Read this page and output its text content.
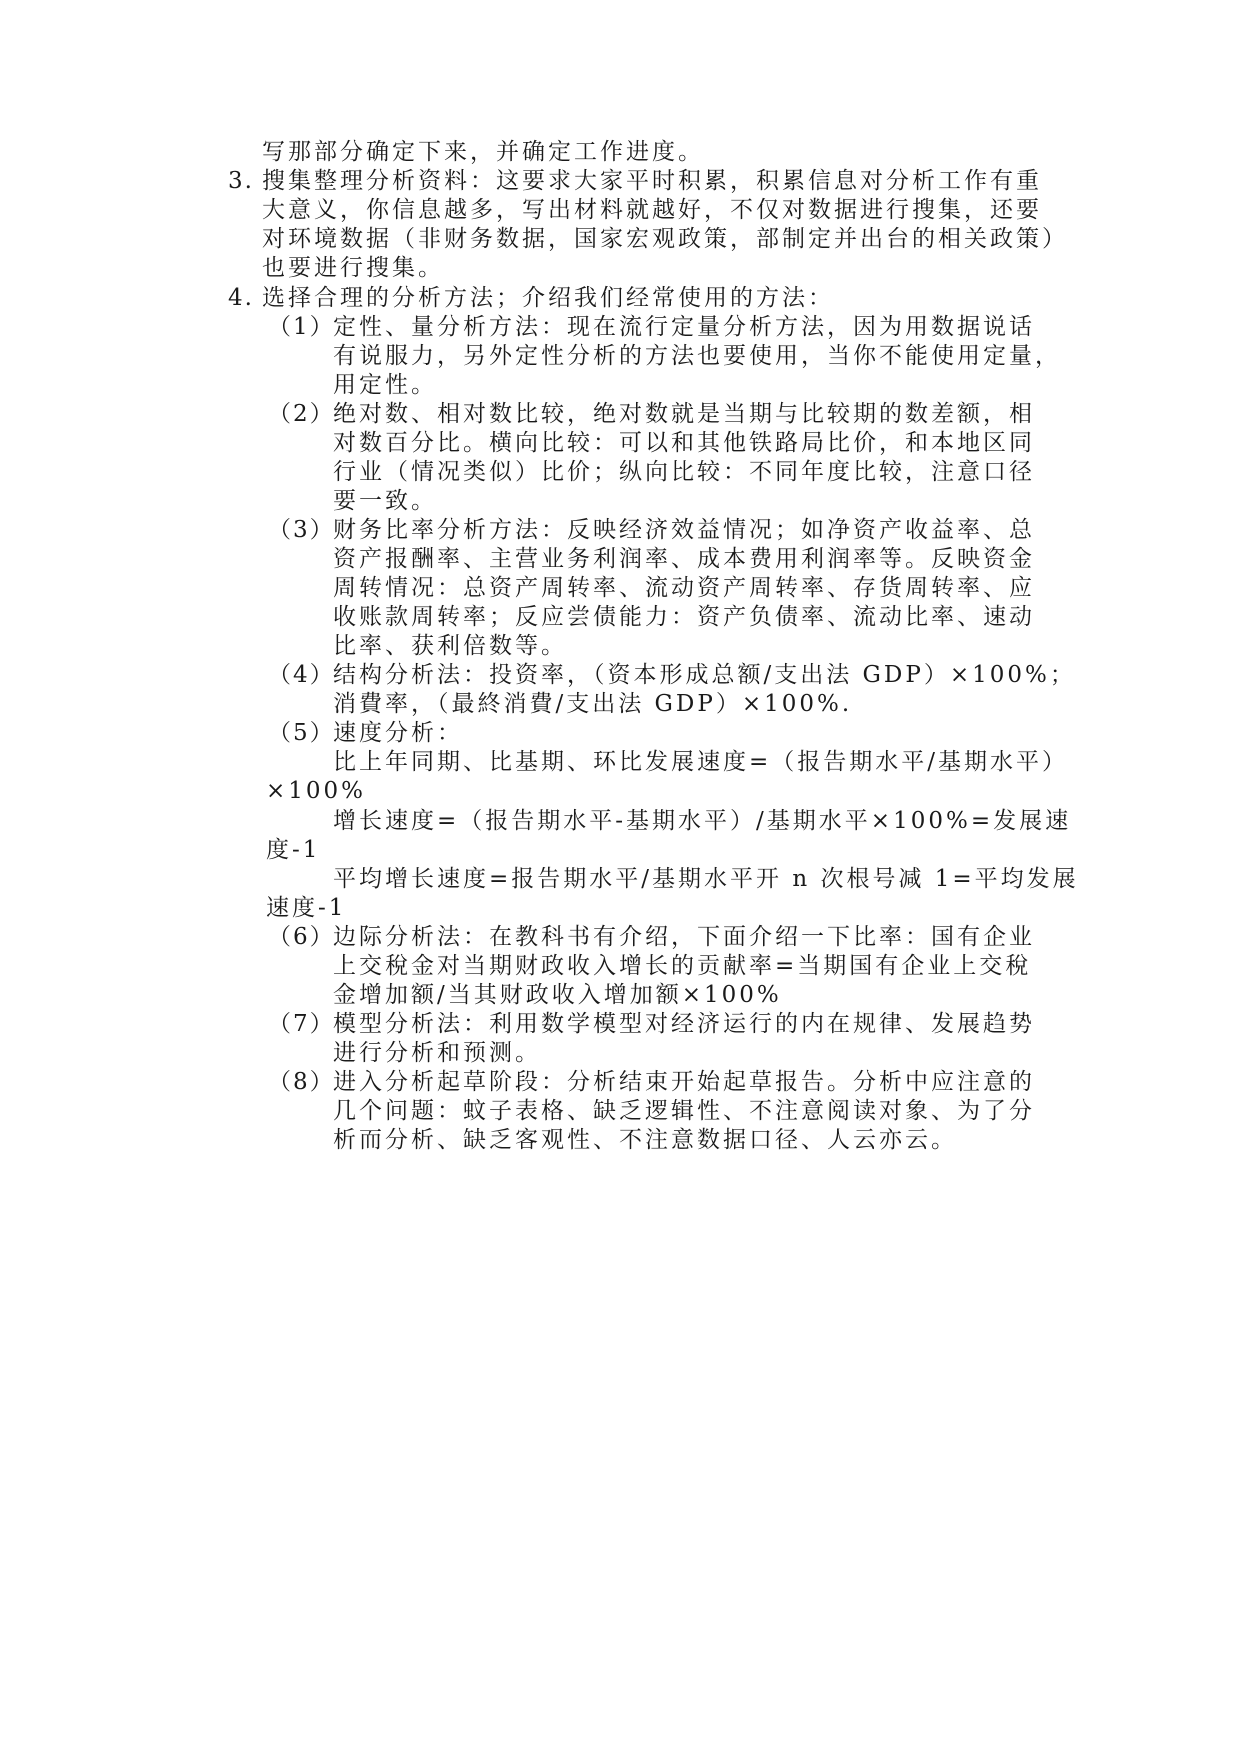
写那部分确定下来，并确定工作进度。
3. 搜集整理分析资料：这要求大家平时积累，积累信息对分析工作有重
大意义，你信息越多，写出材料就越好，不仅对数据进行搜集，还要
对环境数据（非财务数据，国家宏观政策，部制定并出台的相关政策）
也要进行搜集。
4. 选择合理的分析方法；介绍我们经常使用的方法：
（1）
定性、量分析方法：现在流行定量分析方法，因为用数据说话
有说服力，另外定性分析的方法也要使用，当你不能使用定量，
用定性。
（2）
绝对数、相对数比较，绝对数就是当期与比较期的数差额，相
对数百分比。横向比较：可以和其他铁路局比价，和本地区同
行业（情况类似）比价；纵向比较：不同年度比较，注意口径
要一致。
（3）
财务比率分析方法：反映经济效益情况；如净资产收益率、总
资产报酬率、主营业务利润率、成本费用利润率等。反映资金
周转情况：总资产周转率、流动资产周转率、存货周转率、应
收账款周转率；反应尝债能力：资产负债率、流动比率、速动
比率、获利倍数等。
（4）
结构分析法：投资率，（资本形成总额/支出法 GDP）×100%；
消費率，（最終消費/支出法 GDP）×100%.
（5）
速度分析：
比上年同期、比基期、环比发展速度=（报告期水平/基期水平）
×100%
增长速度=（报告期水平-基期水平）/基期水平×100%=发展速
度-1
平均增长速度=报告期水平/基期水平开 n 次根号减 1=平均发展
速度-1
（6）
边际分析法：在教科书有介绍，下面介绍一下比率：国有企业
上交稅金对当期财政收入增长的贡献率=当期国有企业上交稅
金增加额/当其财政收入增加额×100%
（7）
模型分析法：利用数学模型对经济运行的内在规律、发展趋势
进行分析和预测。
（8）
进入分析起草阶段：分析结束开始起草报告。分析中应注意的
几个问题：蚊子表格、缺乏逻辑性、不注意阅读对象、为了分
析而分析、缺乏客观性、不注意数据口径、人云亦云。
